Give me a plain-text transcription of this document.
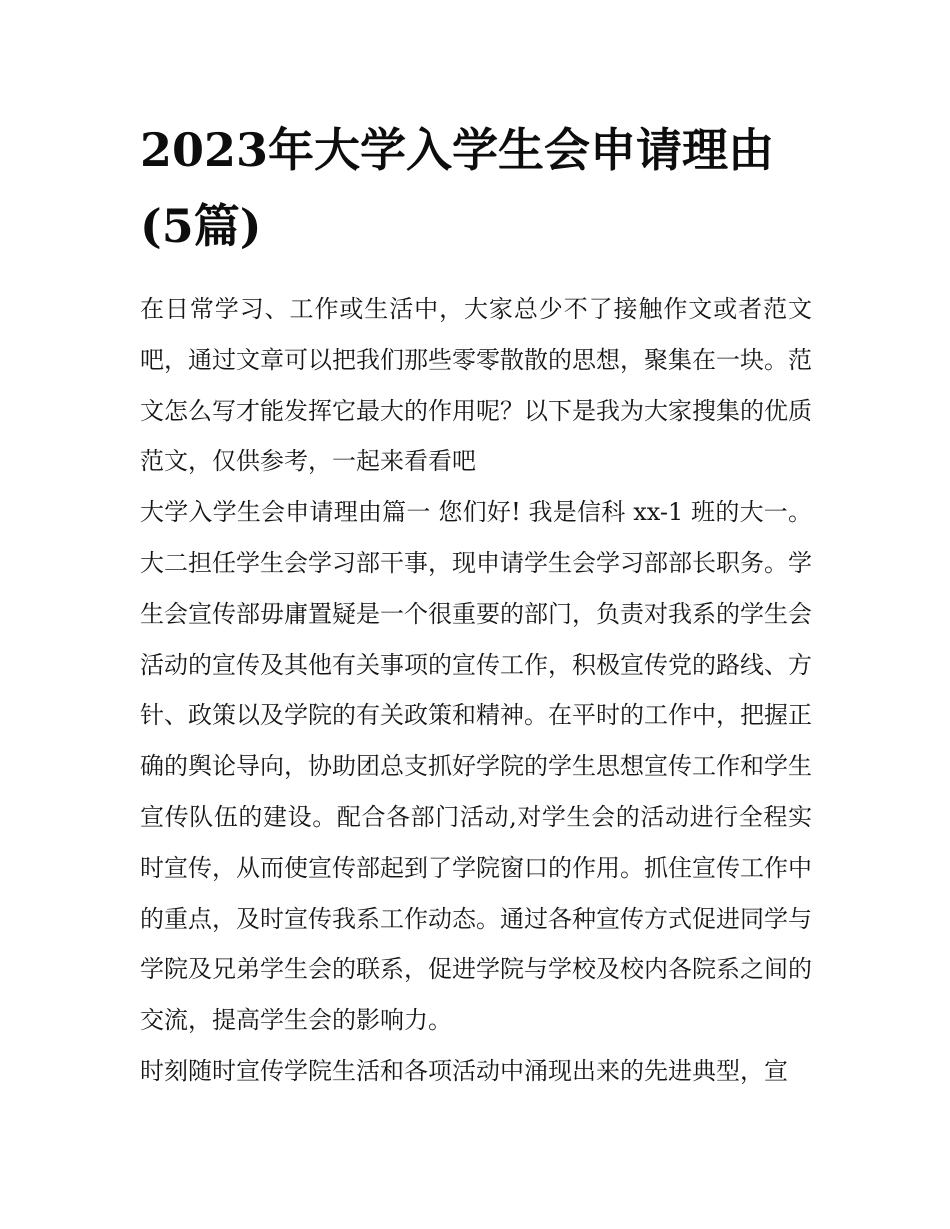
2023年大学入学生会申请理由(5篇)

在日常学习、工作或生活中，大家总少不了接触作文或者范文吧，通过文章可以把我们那些零零散散的思想，聚集在一块。范文怎么写才能发挥它最大的作用呢？以下是我为大家搜集的优质范文，仅供参考，一起来看看吧

大学入学生会申请理由篇一 您们好! 我是信科 xx-1 班的大一。大二担任学生会学习部干事，现申请学生会学习部部长职务。学生会宣传部毋庸置疑是一个很重要的部门，负责对我系的学生会活动的宣传及其他有关事项的宣传工作，积极宣传党的路线、方针、政策以及学院的有关政策和精神。在平时的工作中，把握正确的舆论导向，协助团总支抓好学院的学生思想宣传工作和学生宣传队伍的建设。配合各部门活动,对学生会的活动进行全程实时宣传，从而使宣传部起到了学院窗口的作用。抓住宣传工作中的重点，及时宣传我系工作动态。通过各种宣传方式促进同学与学院及兄弟学生会的联系，促进学院与学校及校内各院系之间的交流，提高学生会的影响力。

时刻随时宣传学院生活和各项活动中涌现出来的先进典型，宣
